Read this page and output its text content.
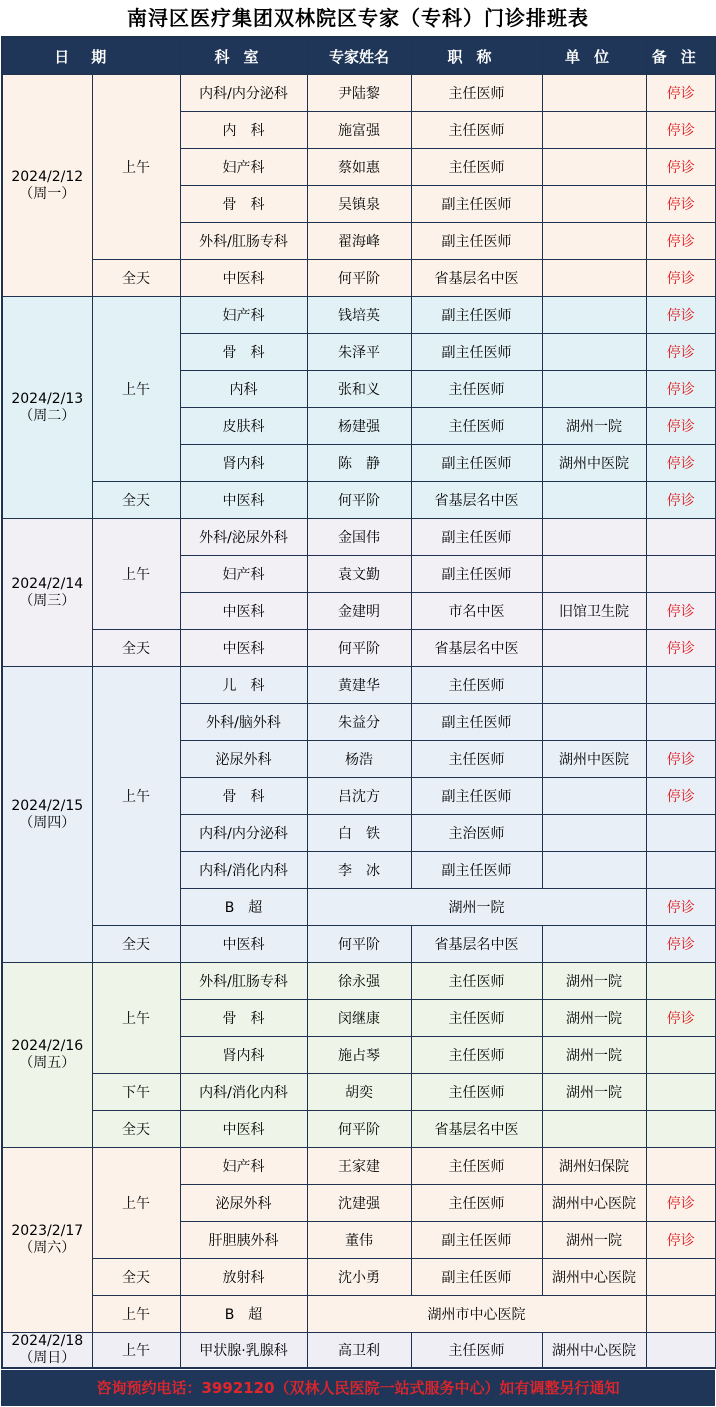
南浔区医疗集团双林院区专家（专科）门诊排班表
日期		科室	专家姓名	职称	单位	备注

2024/2/12
（周一）	上午	内科/内分泌科	尹陆黎	主任医师		停诊
		内　科	施富强	主任医师		停诊
		妇产科	蔡如惠	主任医师		停诊
		骨　科	吴镇泉	副主任医师		停诊
		外科/肛肠专科	翟海峰	副主任医师		停诊
	全天	中医科	何平阶	省基层名中医		停诊

2024/2/13
（周二）	上午	妇产科	钱培英	副主任医师		停诊
		骨　科	朱泽平	副主任医师		停诊
		内科	张和义	主任医师		停诊
		皮肤科	杨建强	主任医师	湖州一院	停诊
		肾内科	陈　静	副主任医师	湖州中医院	停诊
	全天	中医科	何平阶	省基层名中医		停诊

2024/2/14
（周三）	上午	外科/泌尿外科	金国伟	副主任医师		
		妇产科	袁文勤	副主任医师		
		中医科	金建明	市名中医	旧馆卫生院	停诊
	全天	中医科	何平阶	省基层名中医		停诊

2024/2/15
（周四）	上午	儿　科	黄建华	主任医师		
		外科/脑外科	朱益分	副主任医师		
		泌尿外科	杨浩	主任医师	湖州中医院	停诊
		骨　科	吕沈方	副主任医师		停诊
		内科/内分泌科	白　铁	主治医师		
		内科/消化内科	李　冰	副主任医师		
		B　超	湖州一院			停诊
	全天	中医科	何平阶	省基层名中医		停诊

2024/2/16
（周五）	上午	外科/肛肠专科	徐永强	主任医师	湖州一院	
		骨　科	闵继康	主任医师	湖州一院	停诊
		肾内科	施占琴	主任医师	湖州一院	
	下午	内科/消化内科	胡奕	主任医师	湖州一院	
	全天	中医科	何平阶	省基层名中医		

2023/2/17
（周六）	上午	妇产科	王家建	主任医师	湖州妇保院	
		泌尿外科	沈建强	主任医师	湖州中心医院	停诊
		肝胆胰外科	董伟	副主任医师	湖州一院	停诊
	全天	放射科	沈小勇	副主任医师	湖州中心医院	
	上午	B　超	湖州市中心医院			

2024/2/18
（周日）	上午	甲状腺·乳腺科	高卫利	主任医师	湖州中心医院	
咨询预约电话：3992120（双林人民医院一站式服务中心）如有调整另行通知
